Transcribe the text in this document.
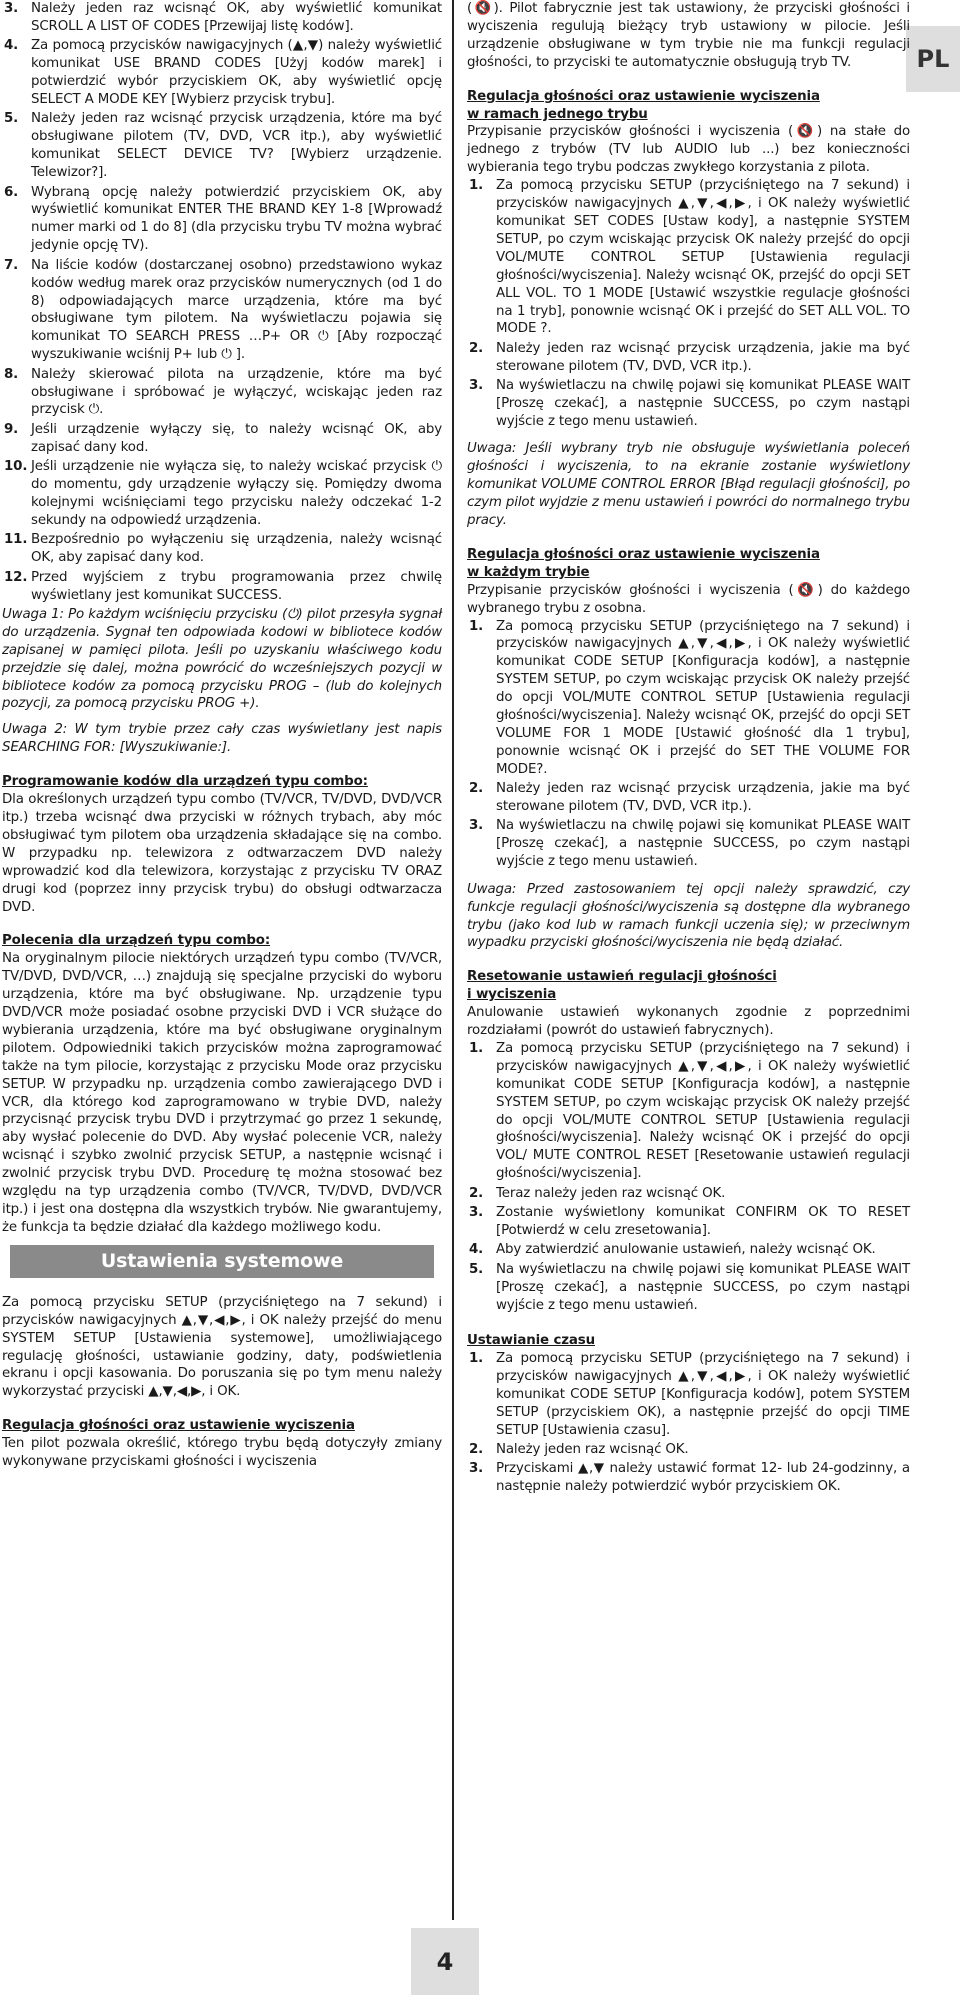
PL
4
3. Należy jeden raz wcisnąć OK, aby wyświetlić komunikat SCROLL A LIST OF CODES [Przewijaj listę kodów].
4. Za pomocą przycisków nawigacyjnych (▲,▼) należy wyświetlić komunikat USE BRAND CODES [Użyj kodów marek] i potwierdzić wybór przyciskiem OK, aby wyświetlić opcję SELECT A MODE KEY [Wybierz przycisk trybu].
5. Należy jeden raz wcisnąć przycisk urządzenia, które ma być obsługiwane pilotem (TV, DVD, VCR itp.), aby wyświetlić komunikat SELECT DEVICE TV? [Wybierz urządzenie. Telewizor?].
6. Wybraną opcję należy potwierdzić przyciskiem OK, aby wyświetlić komunikat ENTER THE BRAND KEY 1-8 [Wprowadź numer marki od 1 do 8] (dla przycisku trybu TV można wybrać jedynie opcję TV).
7. Na liście kodów (dostarczanej osobno) przedstawiono wykaz kodów według marek oraz przycisków numerycznych (od 1 do 8) odpowiadających marce urządzenia, które ma być obsługiwane tym pilotem. Na wyświetlaczu pojawia się komunikat TO SEARCH PRESS …P+ OR ⏻ [Aby rozpocząć wyszukiwanie wciśnij P+ lub ⏻ ].
8. Należy skierować pilota na urządzenie, które ma być obsługiwane i spróbować je wyłączyć, wciskając jeden raz przycisk ⏻.
9. Jeśli urządzenie wyłączy się, to należy wcisnąć OK, aby zapisać dany kod.
10. Jeśli urządzenie nie wyłącza się, to należy wciskać przycisk ⏻ do momentu, gdy urządzenie wyłączy się. Pomiędzy dwoma kolejnymi wciśnięciami tego przycisku należy odczekać 1-2 sekundy na odpowiedź urządzenia.
11. Bezpośrednio po wyłączeniu się urządzenia, należy wcisnąć OK, aby zapisać dany kod.
12. Przed wyjściem z trybu programowania przez chwilę wyświetlany jest komunikat SUCCESS.

Uwaga 1: Po każdym wciśnięciu przycisku (⏻) pilot przesyła sygnał do urządzenia. Sygnał ten odpowiada kodowi w bibliotece kodów zapisanej w pamięci pilota. Jeśli po uzyskaniu właściwego kodu przejdzie się dalej, można powrócić do wcześniejszych pozycji w bibliotece kodów za pomocą przycisku PROG – (lub do kolejnych pozycji, za pomocą przycisku PROG +).

Uwaga 2: W tym trybie przez cały czas wyświetlany jest napis SEARCHING FOR: [Wyszukiwanie:].

Programowanie kodów dla urządzeń typu combo:

Dla określonych urządzeń typu combo (TV/VCR, TV/DVD, DVD/VCR itp.) trzeba wcisnąć dwa przyciski w różnych trybach, aby móc obsługiwać tym pilotem oba urządzenia składające się na combo. W przypadku np. telewizora z odtwarzaczem DVD należy wprowadzić kod dla telewizora, korzystając z przycisku TV ORAZ drugi kod (poprzez inny przycisk trybu) do obsługi odtwarzacza DVD.

Polecenia dla urządzeń typu combo:

Na oryginalnym pilocie niektórych urządzeń typu combo (TV/VCR, TV/DVD, DVD/VCR, …) znajdują się specjalne przyciski do wyboru urządzenia, które ma być obsługiwane. Np. urządzenie typu DVD/VCR może posiadać osobne przyciski DVD i VCR służące do wybierania urządzenia, które ma być obsługiwane oryginalnym pilotem. Odpowiedniki takich przycisków można zaprogramować także na tym pilocie, korzystając z przycisku Mode oraz przycisku SETUP. W przypadku np. urządzenia combo zawierającego DVD i VCR, dla którego kod zaprogramowano w trybie DVD, należy przycisnąć przycisk trybu DVD i przytrzymać go przez 1 sekundę, aby wysłać polecenie do DVD. Aby wysłać polecenie VCR, należy wcisnąć i szybko zwolnić przycisk SETUP, a następnie wcisnąć i zwolnić przycisk trybu DVD. Procedurę tę można stosować bez względu na typ urządzenia combo (TV/VCR, TV/DVD, DVD/VCR itp.) i jest ona dostępna dla wszystkich trybów. Nie gwarantujemy, że funkcja ta będzie działać dla każdego możliwego kodu.

Ustawienia systemowe

Za pomocą przycisku SETUP (przyciśniętego na 7 sekund) i przycisków nawigacyjnych ▲,▼,◀,▶, i OK należy przejść do menu SYSTEM SETUP [Ustawienia systemowe], umożliwiającego regulację głośności, ustawianie godziny, daty, podświetlenia ekranu i opcji kasowania. Do poruszania się po tym menu należy wykorzystać przyciski ▲,▼,◀,▶, i OK.

Regulacja głośności oraz ustawienie wyciszenia

Ten pilot pozwala określić, którego trybu będą dotyczyły zmiany wykonywane przyciskami głośności i wyciszenia

(🔇). Pilot fabrycznie jest tak ustawiony, że przyciski głośności i wyciszenia regulują bieżący tryb ustawiony w pilocie. Jeśli urządzenie obsługiwane w tym trybie nie ma funkcji regulacji głośności, to przyciski te automatycznie obsługują tryb TV.

Regulacja głośności oraz ustawienie wyciszenia
w ramach jednego trybu

Przypisanie przycisków głośności i wyciszenia (🔇) na stałe do jednego z trybów (TV lub AUDIO lub ...) bez konieczności wybierania tego trybu podczas zwykłego korzystania z pilota.

1. Za pomocą przycisku SETUP (przyciśniętego na 7 sekund) i przycisków nawigacyjnych ▲,▼,◀,▶, i OK należy wyświetlić komunikat SET CODES [Ustaw kody], a następnie SYSTEM SETUP, po czym wciskając przycisk OK należy przejść do opcji VOL/MUTE CONTROL SETUP [Ustawienia regulacji głośności/wyciszenia]. Należy wcisnąć OK, przejść do opcji SET ALL VOL. TO 1 MODE [Ustawić wszystkie regulacje głośności na 1 tryb], ponownie wcisnąć OK i przejść do SET ALL VOL. TO MODE ?.
2. Należy jeden raz wcisnąć przycisk urządzenia, jakie ma być sterowane pilotem (TV, DVD, VCR itp.).
3. Na wyświetlaczu na chwilę pojawi się komunikat PLEASE WAIT [Proszę czekać], a następnie SUCCESS, po czym nastąpi wyjście z tego menu ustawień.

Uwaga: Jeśli wybrany tryb nie obsługuje wyświetlania poleceń głośności i wyciszenia, to na ekranie zostanie wyświetlony komunikat VOLUME CONTROL ERROR [Błąd regulacji głośności], po czym pilot wyjdzie z menu ustawień i powróci do normalnego trybu pracy.

Regulacja głośności oraz ustawienie wyciszenia
w każdym trybie

Przypisanie przycisków głośności i wyciszenia (🔇) do każdego wybranego trybu z osobna.

1. Za pomocą przycisku SETUP (przyciśniętego na 7 sekund) i przycisków nawigacyjnych ▲,▼,◀,▶, i OK należy wyświetlić komunikat CODE SETUP [Konfiguracja kodów], a następnie SYSTEM SETUP, po czym wciskając przycisk OK należy przejść do opcji VOL/MUTE CONTROL SETUP [Ustawienia regulacji głośności/wyciszenia]. Należy wcisnąć OK, przejść do opcji SET VOLUME FOR 1 MODE [Ustawić głośność dla 1 trybu], ponownie wcisnąć OK i przejść do SET THE VOLUME FOR MODE?.
2. Należy jeden raz wcisnąć przycisk urządzenia, jakie ma być sterowane pilotem (TV, DVD, VCR itp.).
3. Na wyświetlaczu na chwilę pojawi się komunikat PLEASE WAIT [Proszę czekać], a następnie SUCCESS, po czym nastąpi wyjście z tego menu ustawień.

Uwaga: Przed zastosowaniem tej opcji należy sprawdzić, czy funkcje regulacji głośności/wyciszenia są dostępne dla wybranego trybu (jako kod lub w ramach funkcji uczenia się); w przeciwnym wypadku przyciski głośności/wyciszenia nie będą działać.

Resetowanie ustawień regulacji głośności
i wyciszenia

Anulowanie ustawień wykonanych zgodnie z poprzednimi rozdziałami (powrót do ustawień fabrycznych).

1. Za pomocą przycisku SETUP (przyciśniętego na 7 sekund) i przycisków nawigacyjnych ▲,▼,◀,▶, i OK należy wyświetlić komunikat CODE SETUP [Konfiguracja kodów], a następnie SYSTEM SETUP, po czym wciskając przycisk OK należy przejść do opcji VOL/MUTE CONTROL SETUP [Ustawienia regulacji głośności/wyciszenia]. Należy wcisnąć OK i przejść do opcji VOL/ MUTE CONTROL RESET [Resetowanie ustawień regulacji głośności/wyciszenia].
2. Teraz należy jeden raz wcisnąć OK.
3. Zostanie wyświetlony komunikat CONFIRM OK TO RESET [Potwierdź w celu zresetowania].
4. Aby zatwierdzić anulowanie ustawień, należy wcisnąć OK.
5. Na wyświetlaczu na chwilę pojawi się komunikat PLEASE WAIT [Proszę czekać], a następnie SUCCESS, po czym nastąpi wyjście z tego menu ustawień.

Ustawianie czasu

1. Za pomocą przycisku SETUP (przyciśniętego na 7 sekund) i przycisków nawigacyjnych ▲,▼,◀,▶, i OK należy wyświetlić komunikat CODE SETUP [Konfiguracja kodów], potem SYSTEM SETUP (przyciskiem OK), a następnie przejść do opcji TIME SETUP [Ustawienia czasu].
2. Należy jeden raz wcisnąć OK.
3. Przyciskami ▲,▼ należy ustawić format 12- lub 24-godzinny, a następnie należy potwierdzić wybór przyciskiem OK.
